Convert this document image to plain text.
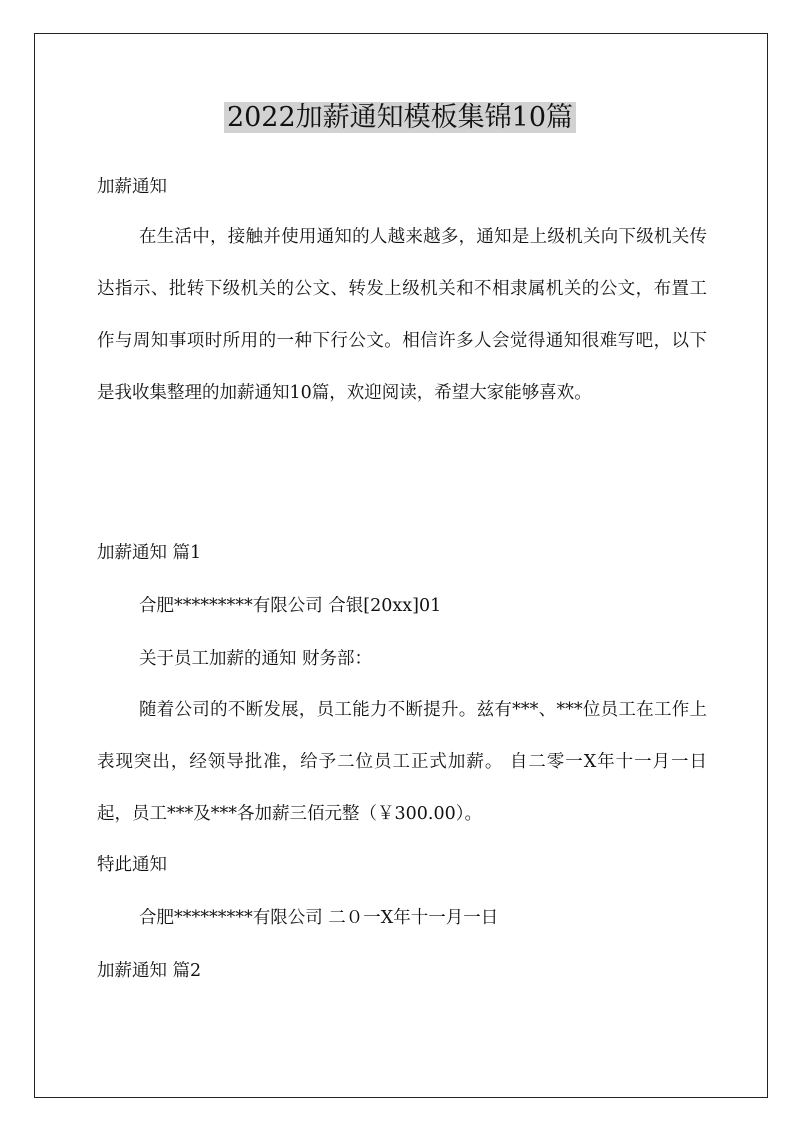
2022加薪通知模板集锦10篇
加薪通知

在生活中，接触并使用通知的人越来越多，通知是上级机关向下级机关传达指示、批转下级机关的公文、转发上级机关和不相隶属机关的公文，布置工作与周知事项时所用的一种下行公文。相信许多人会觉得通知很难写吧，以下是我收集整理的加薪通知10篇，欢迎阅读，希望大家能够喜欢。

加薪通知 篇1
合肥*********有限公司 合银[20xx]01
关于员工加薪的通知 财务部：

随着公司的不断发展，员工能力不断提升。兹有***、***位员工在工作上表现突出，经领导批准，给予二位员工正式加薪。 自二零一X年十一月一日起，员工***及***各加薪三佰元整（￥300.00）。

特此通知
合肥*********有限公司 二０一X年十一月一日
加薪通知 篇2
